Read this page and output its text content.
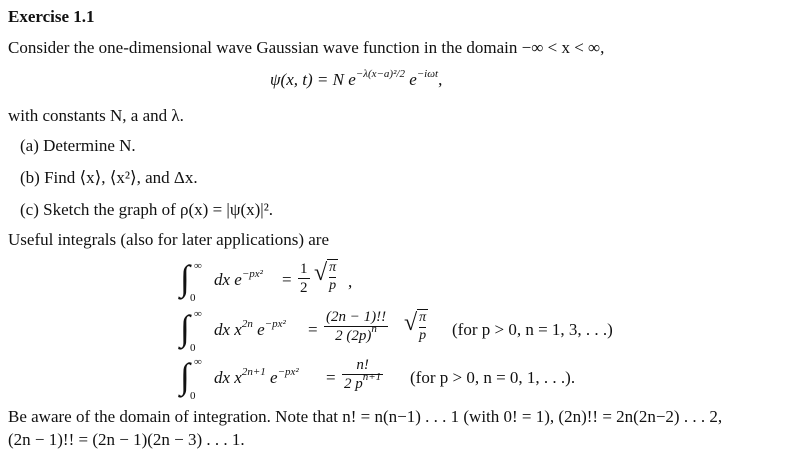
Exercise 1.1
Consider the one-dimensional wave Gaussian wave function in the domain −∞ < x < ∞,
ψ(x, t) = N $e^{-\lambda(x-a)^2/2}$ $e^{-i\omega t}$,
with constants N, a and λ.
(a) Determine N.
(b) Find ⟨x⟩, ⟨x²⟩, and Δx.
(c) Sketch the graph of ρ(x) = |ψ(x)|².
Useful integrals (also for later applications) are
∫ ∞
0
dx $e^{-px^2} = \frac{1}{2}$ √ $\frac{\pi}{p}$ ,
∫ ∞
0
dx $x^{2n}$ $e^{-px^2} = \frac{(2n - 1)!!}{2 (2p)^n}$ √ $\frac{\pi}{p} (for$ p > 0, n = 1, 3, . . .)
∫ ∞
0
dx $x^{2n+1}$ $e^{-px^2} = \frac{n!}{2 p^{n+1}} (for$ p > 0, n = 0, 1, . . .).
Be aware of the domain of integration. Note that n! = n(n−1) . . . 1 (with 0! = 1), (2n)!! = 2n(2n−2) . . . 2,
(2n − 1)!! = (2n − 1)(2n − 3) . . . 1.
